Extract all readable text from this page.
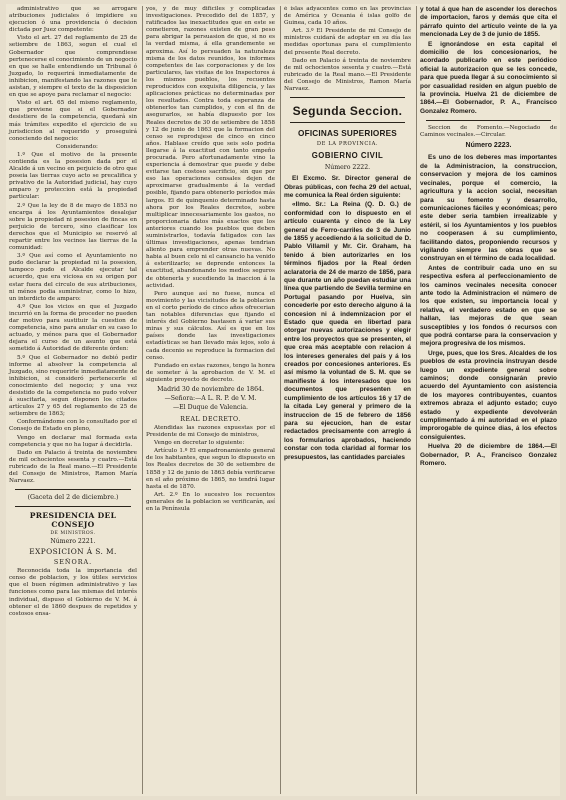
administrativo que se arrogare atribuciones judiciales ó impidiere su ejecucion ó una providencia ó decision dictada por Juez competente:

Visto el art. 27 del reglamento de 25 de setiembre de 1863, segun el cual el Gobernador que comprendiese pertenecerse el conocimiento de un negocio en que se halle entendiendo un Tribunal ó Juzgado, lo requerirá inmediatamente de inhibicion, manifestando las razones que le asistan, y siempre el texto de la disposicion en que se apoye para reclamar el negocio:

Visto el art. 65 del mismo reglamento, que previene que si el Gobernador desistiere de la competencia, quedará sin más trámites expedito el ejercicio de su jurisdiccion al requerido y proseguirá conociendo del negocio:

Considerando:

1.º Que el motivo de la presente contienda es la posesion dada por el Alcalde á un vecino en perjuicio de otro que poseia las tierras cuyo acto se precalifica y privativo de la Autoridad judicial, hay cuyo amparo y proteccion está la propiedad particular:

2.º Que la ley de 8 de mayo de 1853 no encarga á los Ayuntamientos desalojar sobre la propiedad ni posesion de fincas en perjuicio de tercero, sino clasificar los derechos que el Municipio se reservó al repartir entre los vecinos las tierras de la comunidad:

3.º Que así como el Ayuntamiento no pudo declarar la propiedad ni la posesion, tampoco pudo el Alcalde ejecutar tal acuerdo, que era viciosa en su origen por estar fuera del circulo de sus atribuciones, ni ménos podia suministrar, como lo hizo, un interdicto de amparo:

4.º Que los vicios en que el Juzgado incurrió en la forma de proceder no pueden dar motivo para sustituir la cuestion de competencia, sino para anular en su caso lo actuado, y ménos para que el Gobernador dejara el curso de un asunto que está sometido á Autoridad de diferente órden:

5.º Que el Gobernador no debió pedir informe al absolver la competencia al Juzgado, sino requerirle inmediatamente de inhibicion, si consideró pertenecerle el conocimiento del negocio; y una vez desistido de la competencia no pudo volver á suscitarla, segun disponen los citados artículos 27 y 65 del reglamento de 25 de setiembre de 1863;

Conformándome con lo consultado por el Consejo de Estado en pleno,

Vengo en declarar mal formada esta competencia y que no ha lugar á decidirla.

Dado en Palacio á treinta de noviembre de mil ochocientos sesenta y cuatro.—Está rubricado de la Real mano.—El Presidente del Consejo de Ministros, Ramon María Narvaez.

(Gaceta del 2 de diciembre.)
PRESIDENCIA DEL CONSEJO
DE MINISTROS.
Número 2221.
EXPOSICION Á S. M.
SEÑORA.

Reconocida toda la importancia del censo de poblacion, y los útiles servicios que el buen régimen administrativo y las funciones como para las mismas del interés individual, dispuso el Gobierno de V. M. á obtener el de 1860 despues de repetidos y costosos ensa-

yos, y de muy difíciles y complicadas investigaciones. Precedido del de 1857, y ratificados las inexactitudes que en este se cometieron, razones existen de gran peso para abrigar la persuasion de que, si no es la verdad misma, á ella grandemente se aproxima. Así lo persuaden la naturaleza misma de los datos reunidos, los informes competentes de las corporaciones y de los particulares, las visitas de los Inspectores á los mismos pueblos, los recuentos reproducidos con exquisita diligencia, y las aplicaciones prácticas no determinadas por los resultados. Contra toda esperanza de obtenerlos tan cumplidos, y con el fin de asegurarlos, se había dispuesto por los Reales decretos de 30 de setiembre de 1858 y 12 de junio de 1863 que la formacion del censo se reprodujese de cinco en cinco años. Hablase creído que seis solo podria llegarse á la exactitud con tanto empeño procurada. Pero afortunadamente vino la experiencia á demostrar que puede y debe evitarse tan costoso sacrificio, sin que por eso las operaciones censales dejen de aproximarse gradualmente á la verdad posible, fijando para obtenerlo períodos más largos. El de quinquenio determinado hasta ahora por los Reales decretos, sobre multiplicar innecesariamente los gastos, no proporcionaria datos más exactos que los anteriores cuando los pueblos que deben suministrarlos, todavía fatigados con las últimas investigaciones, apenas tendrian aliento para emprender otras nuevas. No habia al buen celo ni el cansancio ha venido á esterilizarlo; se deprende entonces la exactitud, abandonando los medios seguros de obtenerla y sucediendo la inaccion á la actividad.

Pero aunque así no fuese, nunca el movimiento y las vicisitudes de la poblacion en el corto período de cinco años ofrecerian tan notables diferencias que fijando el interés del Gobierno bastasen á variar sus miras y sus cálculos. Así es que en los países donde las investigaciones estadísticas se han llevado más lejos, solo á cada decenio se reproduce la formacion del censo.

Fundado en estas razones, tengo la honra de someter á la aprobacion de V. M. el siguiente proyecto de decreto.

Madrid 30 de noviembre de 1864.
—Señora:—A L. R. P. de V. M.
—El Duque de Valencia.
REAL DECRETO.

Atendidas las razones expuestas por el Presidente de mi Consejo de ministros,

Vengo en decretar lo siguiente:

Artículo 1.º El empadronamiento general de los habitantes, que segun lo dispuesto en los Reales decretos de 30 de setiembre de 1858 y 12 de junio de 1863 debía verificarse en el año próximo de 1865, no tendrá lugar hasta el de 1870.

Art. 2.º En lo sucesivo los recuentos generales de la poblacion se verificarán, así en la Península

é islas adyacentes como en las provincias de América y Oceania é islas golfo de Guinea, cada 10 años.

Art. 3.º El Presidente de mi Consejo de ministros cuidará de adoptar en su día las medidas oportunas para el cumplimiento del presente Real decreto.

Dado en Palacio á treinta de noviembre de mil ochocientos sesenta y cuatro.—Está rubricado de la Real mano.—El Presidente del Consejo de Ministros, Ramon María Narvaez.

Segunda Seccion.
OFICINAS SUPERIORES
DE LA PROVINCIA.
GOBIERNO CIVIL
Número 2222.

El Excmo. Sr. Director general de Obras públicas, con fecha 29 del actual, me comunica la Real órden siguiente:

«Ilmo. Sr.: La Reina (Q. D. G.) de conformidad con lo dispuesto en el artículo cuarenta y cinco de la Ley general de Ferro-carriles de 3 de Junio de 1855 y accediendo á la solicitud de D. Pablo Villamil y Mr. Cir. Graham, ha tenido á bien autorizarles en los términos fijados por la Real órden aclaratoria de 24 de marzo de 1856, para que durante un año puedan estudiar una línea que partiendo de Sevilla termine en Portugal pasando por Huelva, sin concederle por esto derecho alguno á la concesion ni á indemnizacion por el Estado que queda en libertad para otorgar nuevas autorizaciones y elegir entre los proyectos que se presenten, el que crea más aceptable con relacion á los intereses generales del país y á los creados por concesiones anteriores. Es así mismo la voluntad de S. M. que se manifieste á los interesados que los documentos que presenten en cumplimiento de los artículos 16 y 17 de la citada Ley general y primero de la instruccion de 15 de febrero de 1856 para su ejecucion, han de estar redactados precisamente con arreglo á los formularios aprobados, haciendo constar con toda claridad al formar los presupuestos, las cantidades parciales

y total á que han de ascender los derechos de importacion, faros y demás que cita el párrafo quinto del artículo veinte de la ya mencionada Ley de 3 de junio de 1855.

E ignorándose en esta capital el domicilio de los concesionarios, he acordado publicarlo en este periódico oficial la autorizacion que se les concede, para que pueda llegar á su conocimiento si por casualidad residen en algun pueblo de la provincia. Huelva 21 de diciembre de 1864.—El Gobernador, P. A., Francisco Gonzalez Romero.

Seccion de Fomento.—Negociado de Caminos vecinales.—Circular.

Número 2223.

Es uno de los deberes mas importantes de la Administracion, la construccion, conservacion y mejora de los caminos vecinales, porque el comercio, la agricultura y la accion social, necesitan para su fomento y desarrollo, comunicaciones fáciles y económicas; pero este deber seria tambien irrealizable y estéril, si los Ayuntamientos y los pueblos no cooperasen á su cumplimiento, facilitando datos, proponiendo recursos y vigilando siempre las obras que se construyan en el término de cada localidad.

Antes de contribuir cada uno en su respectiva esfera al perfeccionamiento de los caminos vecinales necesita conocer ante todo la Administracion el número de los que existen, su importancia local y relativa, el verdadero estado en que se hallan, las mejoras de que sean susceptibles y los fondos ó recursos con que podrá contarse para la conservacion y mejora progresiva de los mismos.

Urge, pues, que los Sres. Alcaldes de los pueblos de esta provincia instruyan desde luego un expediente general sobre caminos; donde consignarán previo acuerdo del Ayuntamiento con asistencia de los mayores contribuyentes, cuantos extremos abraza el adjunto estado; cuyo estado y expediente devolverán cumplimentado á mi autoridad en el plazo improrogable de quince dias, á los efectos consiguientes.

Huelva 20 de diciembre de 1864.—El Gobernador, P. A., Francisco Gonzalez Romero.
